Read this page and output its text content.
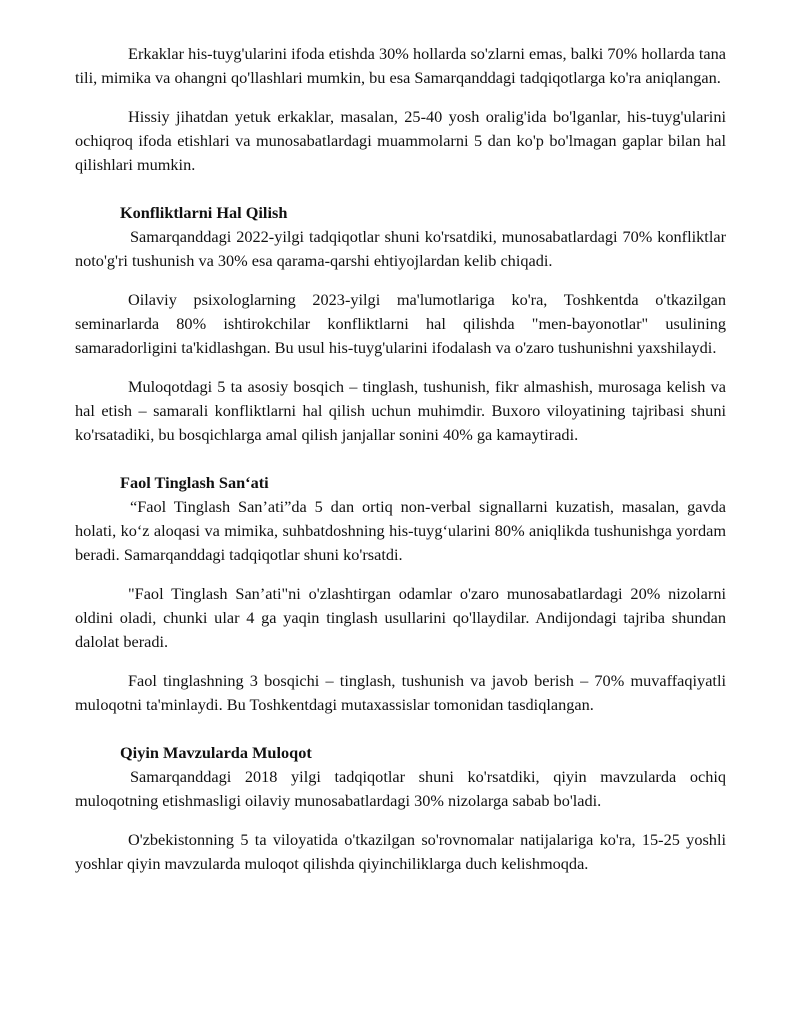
Erkaklar his-tuyg'ularini ifoda etishda 30% hollarda so'zlarni emas, balki 70% hollarda tana tili, mimika va ohangni qo'llashlari mumkin, bu esa Samarqanddagi tadqiqotlarga ko'ra aniqlangan.

Hissiy jihatdan yetuk erkaklar, masalan, 25-40 yosh oralig'ida bo'lganlar, his-tuyg'ularini ochiqroq ifoda etishlari va munosabatlardagi muammolarni 5 dan ko'p bo'lmagan gaplar bilan hal qilishlari mumkin.

Konfliktlarni Hal Qilish

Samarqanddagi 2022-yilgi tadqiqotlar shuni ko'rsatdiki, munosabatlardagi 70% konfliktlar noto'g'ri tushunish va 30% esa qarama-qarshi ehtiyojlardan kelib chiqadi.

Oilaviy psixologlarning 2023-yilgi ma'lumotlariga ko'ra, Toshkentda o'tkazilgan seminarlarda 80% ishtirokchilar konfliktlarni hal qilishda "men-bayonotlar" usulining samaradorligini ta'kidlashgan. Bu usul his-tuyg'ularini ifodalash va o'zaro tushunishni yaxshilaydi.

Muloqotdagi 5 ta asosiy bosqich – tinglash, tushunish, fikr almashish, murosaga kelish va hal etish – samarali konfliktlarni hal qilish uchun muhimdir. Buxoro viloyatining tajribasi shuni ko'rsatadiki, bu bosqichlarga amal qilish janjallar sonini 40% ga kamaytiradi.

Faol Tinglash Sanʻati

“Faol Tinglash San’ati”da 5 dan ortiq non-verbal signallarni kuzatish, masalan, gavda holati, koʻz aloqasi va mimika, suhbatdoshning his-tuygʻularini 80% aniqlikda tushunishga yordam beradi. Samarqanddagi tadqiqotlar shuni ko'rsatdi.

"Faol Tinglash San’ati"ni o'zlashtirgan odamlar o'zaro munosabatlardagi 20% nizolarni oldini oladi, chunki ular 4 ga yaqin tinglash usullarini qo'llaydilar. Andijondagi tajriba shundan dalolat beradi.

Faol tinglashning 3 bosqichi – tinglash, tushunish va javob berish – 70% muvaffaqiyatli muloqotni ta'minlaydi. Bu Toshkentdagi mutaxassislar tomonidan tasdiqlangan.

Qiyin Mavzularda Muloqot

Samarqanddagi 2018 yilgi tadqiqotlar shuni ko'rsatdiki, qiyin mavzularda ochiq muloqotning etishmasligi oilaviy munosabatlardagi 30% nizolarga sabab bo'ladi.

O'zbekistonning 5 ta viloyatida o'tkazilgan so'rovnomalar natijalariga ko'ra, 15-25 yoshli yoshlar qiyin mavzularda muloqot qilishda qiyinchiliklarga duch kelishmoqda.
